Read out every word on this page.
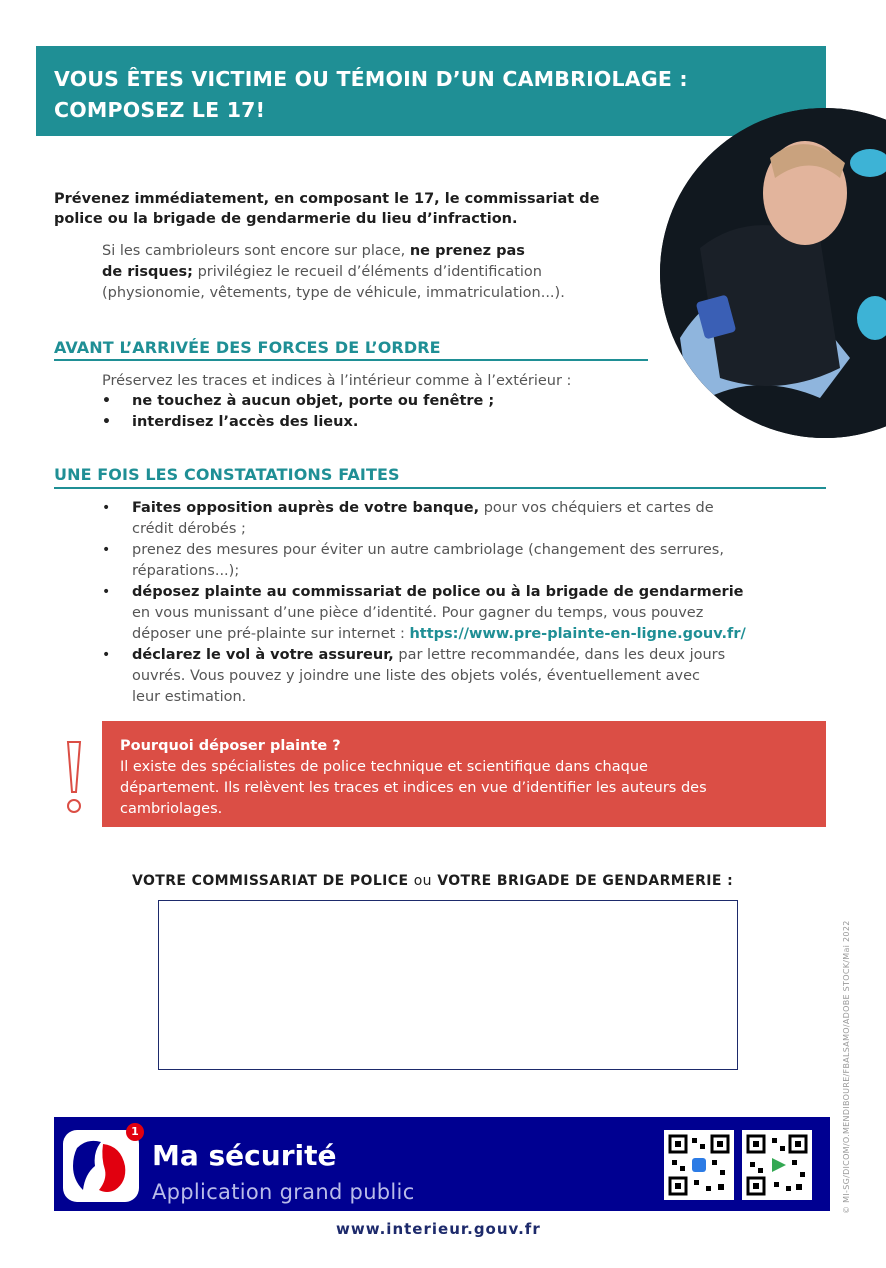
VOUS ÊTES VICTIME OU TÉMOIN D’UN CAMBRIOLAGE :
COMPOSEZ LE 17!
Prévenez immédiatement, en composant le 17, le commissariat de
police ou la brigade de gendarmerie du lieu d’infraction.
Si les cambrioleurs sont encore sur place, ne prenez pas
de risques; privilégiez le recueil d’éléments d’identification
(physionomie, vêtements, type de véhicule, immatriculation...).
AVANT L’ARRIVÉE DES FORCES DE L’ORDRE
Préservez les traces et indices à l’intérieur comme à l’extérieur :
• ne touchez à aucun objet, porte ou fenêtre ;
• interdisez l’accès des lieux.
UNE FOIS LES CONSTATATIONS FAITES
• Faites opposition auprès de votre banque, pour vos chéquiers et cartes de
crédit dérobés ;
• prenez des mesures pour éviter un autre cambriolage (changement des serrures,
réparations...);
• déposez plainte au commissariat de police ou à la brigade de gendarmerie
en vous munissant d’une pièce d’identité. Pour gagner du temps, vous pouvez
déposer une pré-plainte sur internet : https://www.pre-plainte-en-ligne.gouv.fr/
• déclarez le vol à votre assureur, par lettre recommandée, dans les deux jours
ouvrés. Vous pouvez y joindre une liste des objets volés, éventuellement avec
leur estimation.
Pourquoi déposer plainte ?
Il existe des spécialistes de police technique et scientifique dans chaque
département. Ils relèvent les traces et indices en vue d’identifier les auteurs des
cambriolages.
VOTRE COMMISSARIAT DE POLICE ou VOTRE BRIGADE DE GENDARMERIE :
© MI-SG/DICOM/O.MENDIBOURE/FBALSAMO/ADOBE STOCK/Mai 2022
1
Ma sécurité
Application grand public
www.interieur.gouv.fr
